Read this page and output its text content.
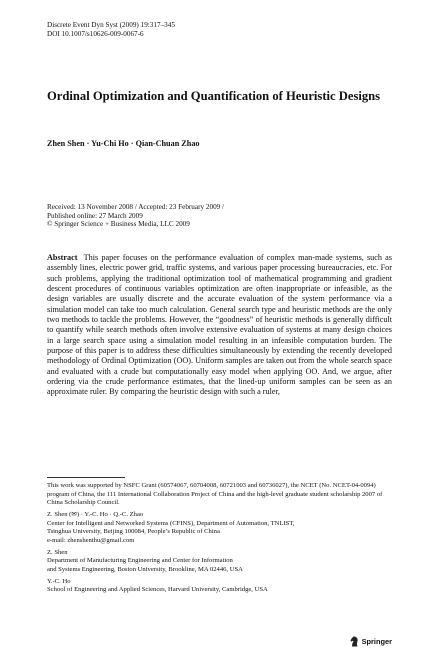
Discrete Event Dyn Syst (2009) 19:317–345
DOI 10.1007/s10626-009-0067-6
Ordinal Optimization and Quantification of Heuristic Designs
Zhen Shen · Yu-Chi Ho · Qian-Chuan Zhao
Received: 13 November 2008 / Accepted: 23 February 2009 /
Published online: 27 March 2009
© Springer Science + Business Media, LLC 2009
Abstract This paper focuses on the performance evaluation of complex man-made systems, such as assembly lines, electric power grid, traffic systems, and various paper processing bureaucracies, etc. For such problems, applying the traditional optimization tool of mathematical programming and gradient descent procedures of continuous variables optimization are often inappropriate or infeasible, as the design variables are usually discrete and the accurate evaluation of the system performance via a simulation model can take too much calculation. General search type and heuristic methods are the only two methods to tackle the problems. However, the “goodness” of heuristic methods is generally difficult to quantify while search methods often involve extensive evaluation of systems at many design choices in a large search space using a simulation model resulting in an infeasible computation burden. The purpose of this paper is to address these difficulties simultaneously by extending the recently developed methodology of Ordinal Optimization (OO). Uniform samples are taken out from the whole search space and evaluated with a crude but computationally easy model when applying OO. And, we argue, after ordering via the crude performance estimates, that the lined-up uniform samples can be seen as an approximate ruler. By comparing the heuristic design with such a ruler,
This work was supported by NSFC Grant (60574067, 60704008, 60721003 and 60736027), the NCET (No. NCET-04-0094) program of China, the 111 International Collaboration Project of China and the high-level graduate student scholarship 2007 of China Scholarship Council.
Z. Shen (✉) · Y.-C. Ho · Q.-C. Zhao
Center for Intelligent and Networked Systems (CFINS), Department of Automation, TNLIST,
Tsinghua University, Beijing 100084, People’s Republic of China
e-mail: zhenshenthu@gmail.com
Z. Shen
Department of Manufacturing Engineering and Center for Information
and Systems Engineering, Boston University, Brookline, MA 02446, USA
Y.-C. Ho
School of Engineering and Applied Sciences, Harvard University, Cambridge, USA
Springer
